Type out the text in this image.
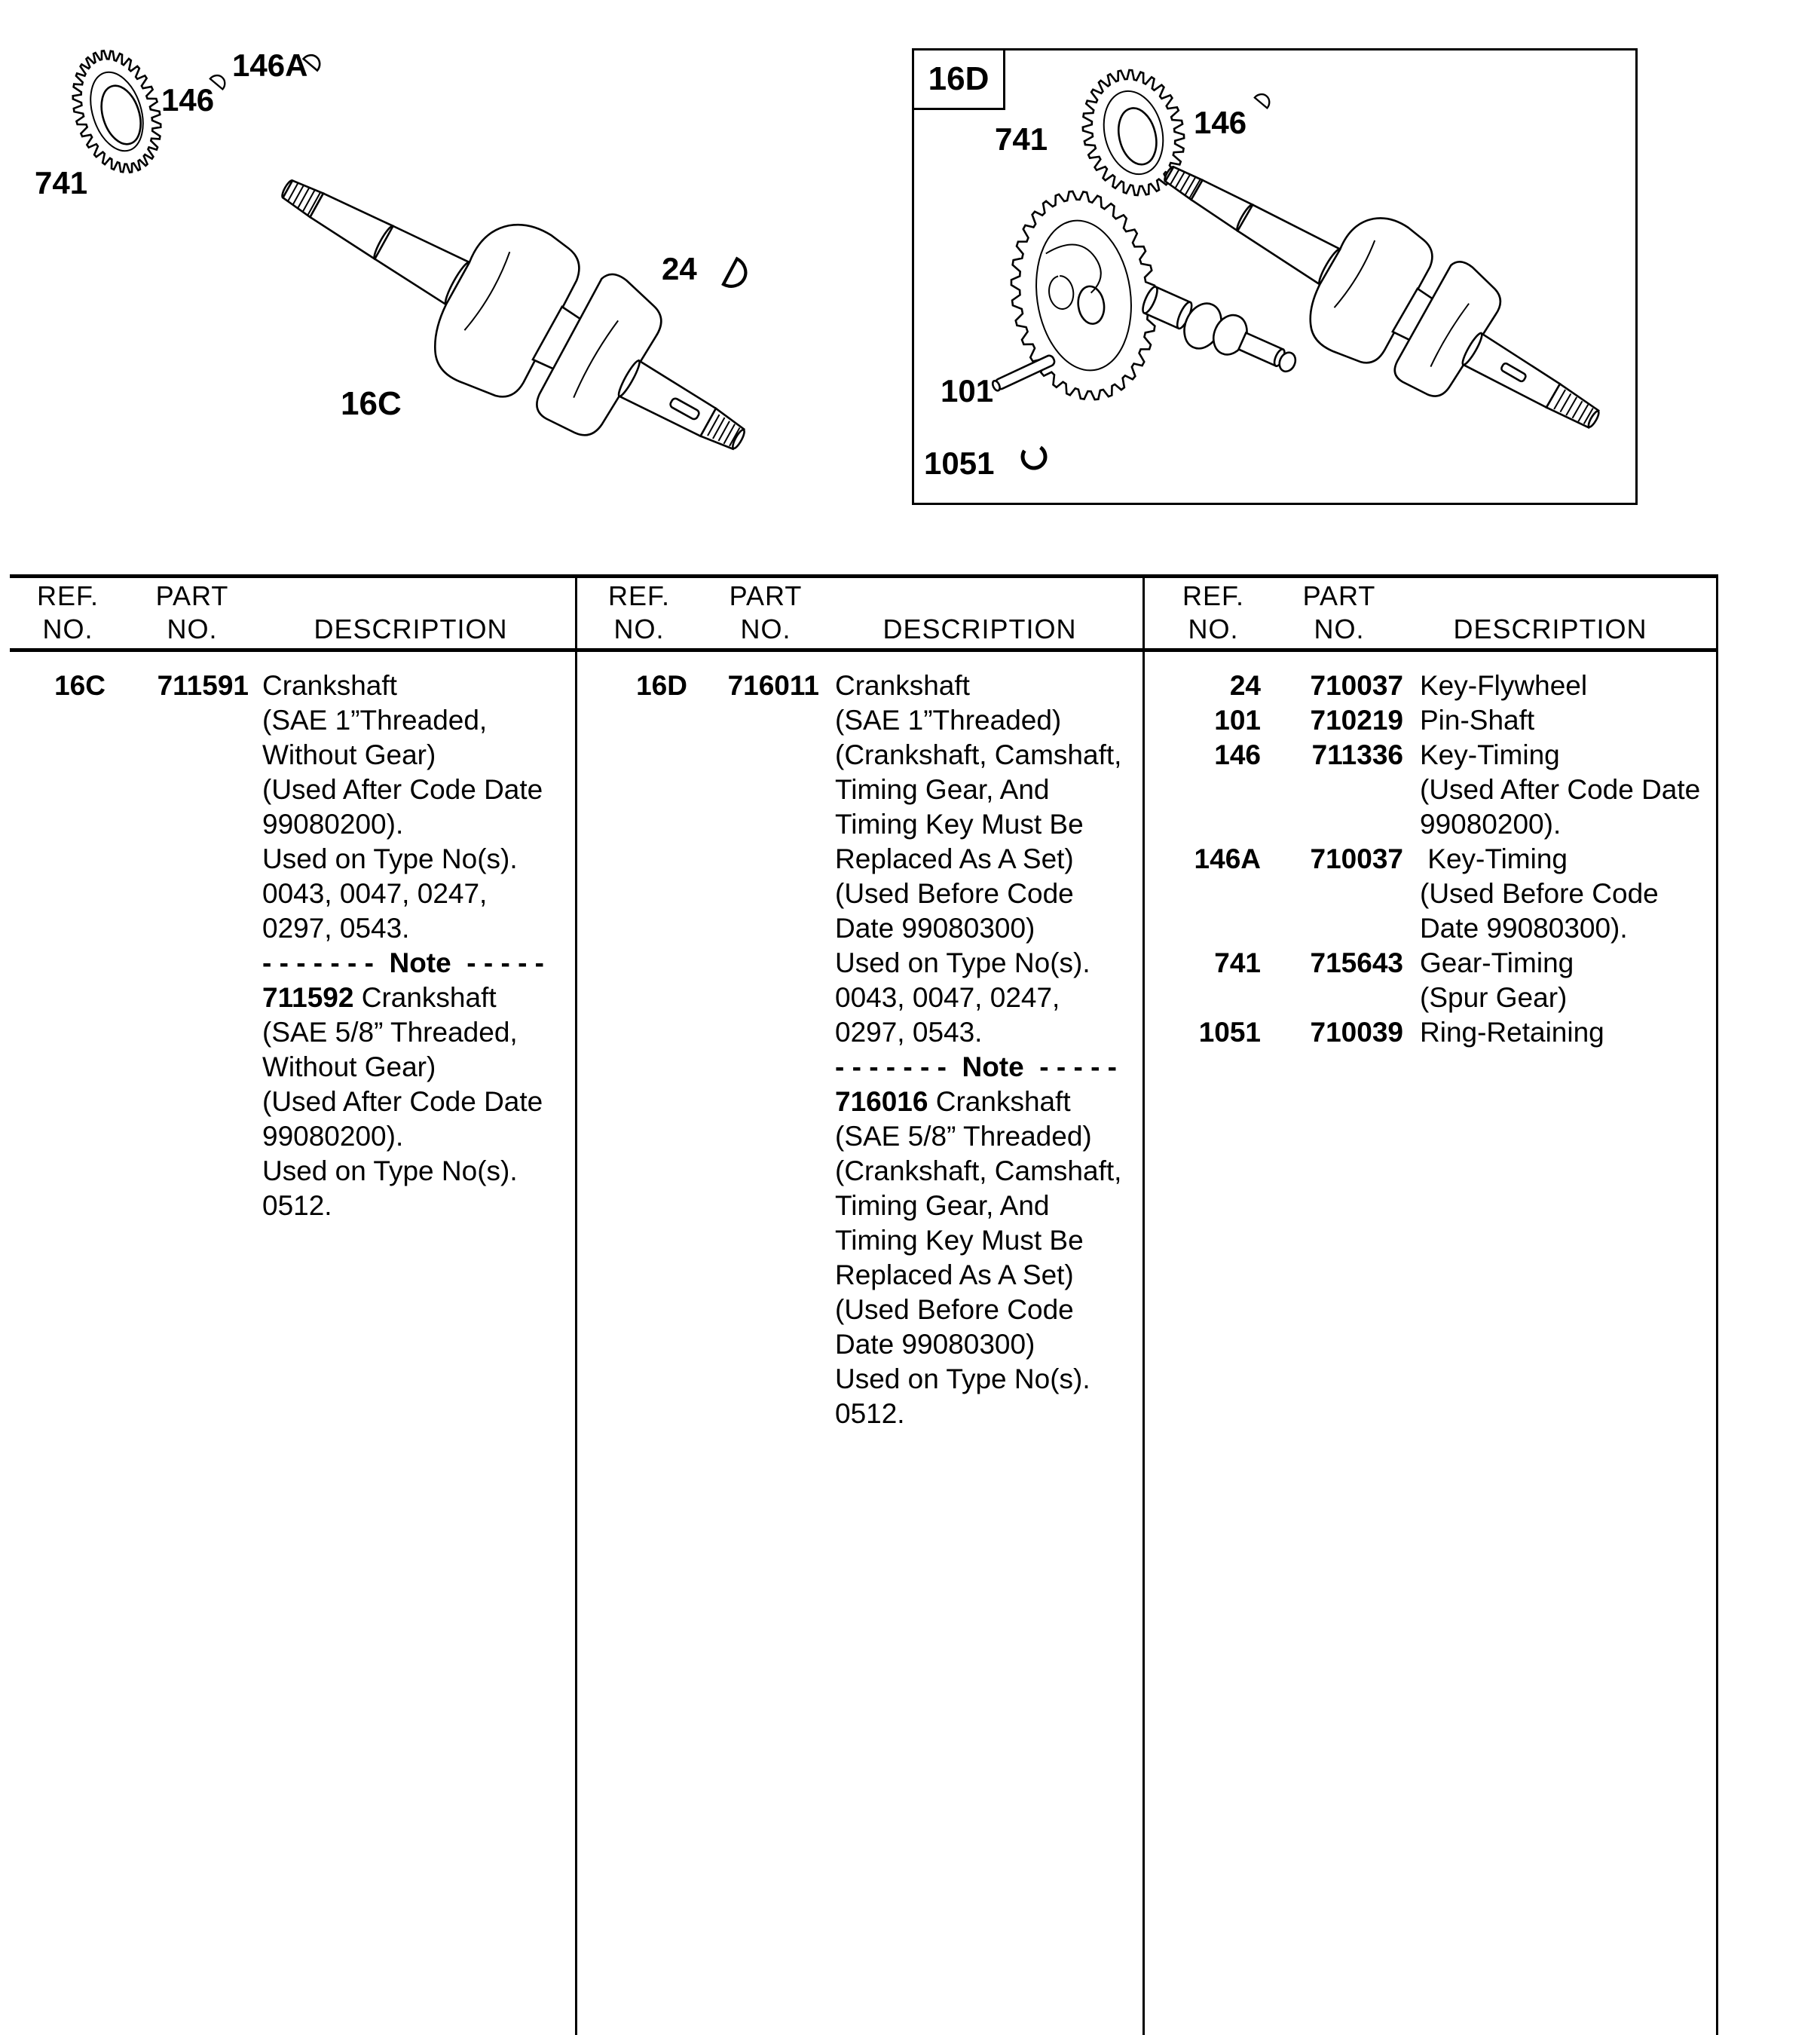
16D
741
146
146A
24
16C
741	146
101
1051
REF. PART
NO.	NO.	DESCRIPTION
REF. PART
NO.	NO.	DESCRIPTION
REF. PART
NO.	NO.	DESCRIPTION
16C 711591 Crankshaft
(SAE 1”Threaded,
Without Gear)
(Used After Code Date
99080200).
Used on Type No(s).
0043, 0047, 0247,
0297, 0543.
- - - - - - -  Note  - - - - -
711592 Crankshaft
(SAE 5/8” Threaded,
Without Gear)
(Used After Code Date
99080200).
Used on Type No(s).
0512.
16D 716011 Crankshaft
(SAE 1”Threaded)
(Crankshaft, Camshaft,
Timing Gear, And
Timing Key Must Be
Replaced As A Set)
(Used Before Code
Date 99080300)
Used on Type No(s).
0043, 0047, 0247,
0297, 0543.
- - - - - - -  Note  - - - - -
716016 Crankshaft
(SAE 5/8” Threaded)
(Crankshaft, Camshaft,
Timing Gear, And
Timing Key Must Be
Replaced As A Set)
(Used Before Code
Date 99080300)
Used on Type No(s).
0512.
24 710037 Key-Flywheel
101 710219 Pin-Shaft
146 711336 Key-Timing
(Used After Code Date
99080200).
146A 710037 Key-Timing
(Used Before Code
Date 99080300).
741 715643 Gear-Timing
(Spur Gear)
1051 710039 Ring-Retaining
